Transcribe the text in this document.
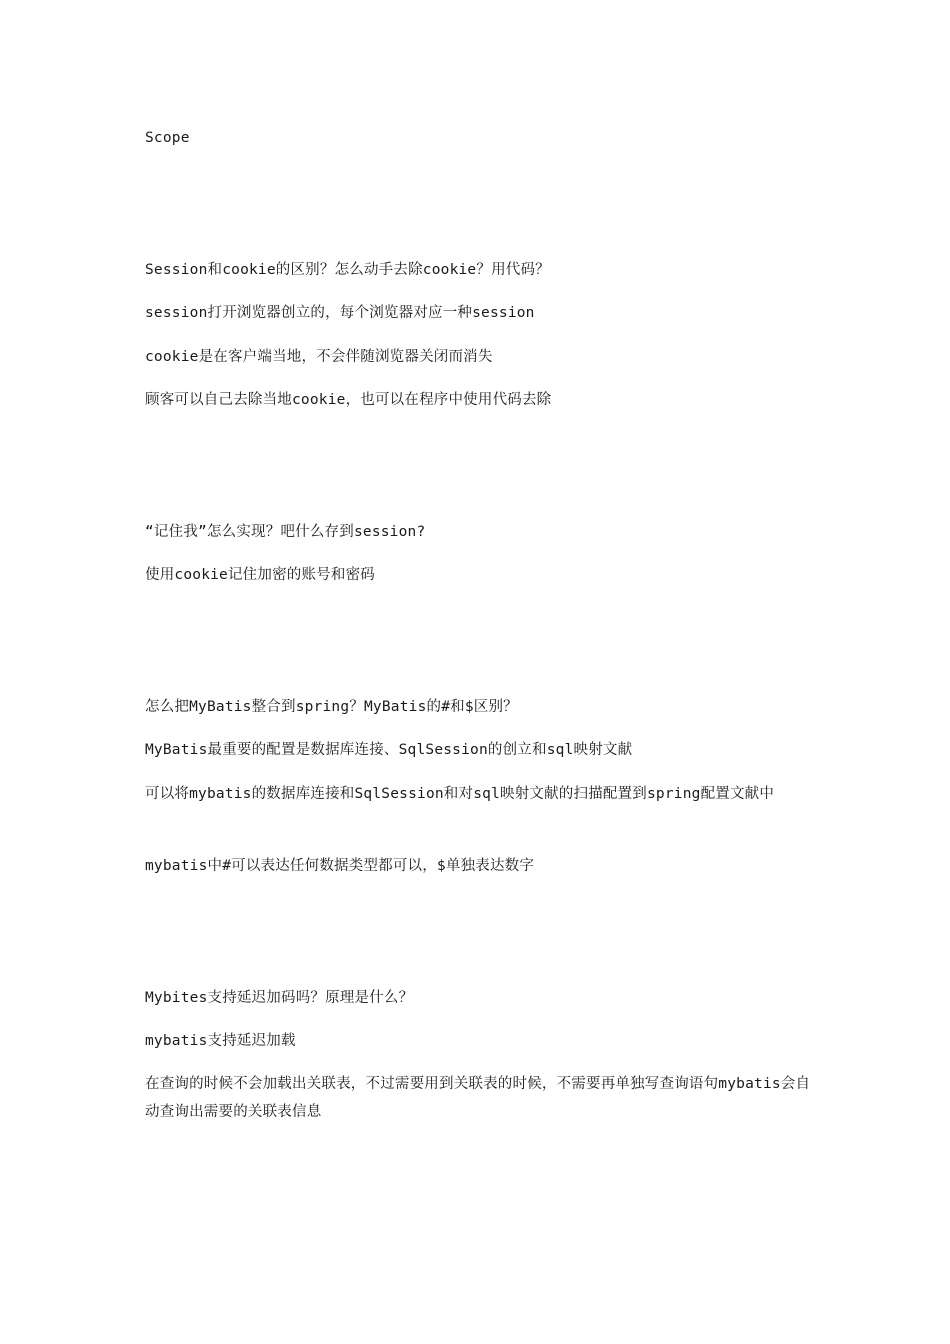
Scope
Session和cookie的区别？怎么动手去除cookie？用代码？
session打开浏览器创立的，每个浏览器对应一种session
cookie是在客户端当地，不会伴随浏览器关闭而消失
顾客可以自己去除当地cookie，也可以在程序中使用代码去除
“记住我”怎么实现？吧什么存到session?
使用cookie记住加密的账号和密码
怎么把MyBatis整合到spring？MyBatis的#和$区别？
MyBatis最重要的配置是数据库连接、SqlSession的创立和sql映射文献
可以将mybatis的数据库连接和SqlSession和对sql映射文献的扫描配置到spring配置文献中
mybatis中#可以表达任何数据类型都可以，$单独表达数字
Mybites支持延迟加码吗？原理是什么？
mybatis支持延迟加载
在查询的时候不会加载出关联表，不过需要用到关联表的时候，不需要再单独写查询语句mybatis会自动查询出需要的关联表信息
